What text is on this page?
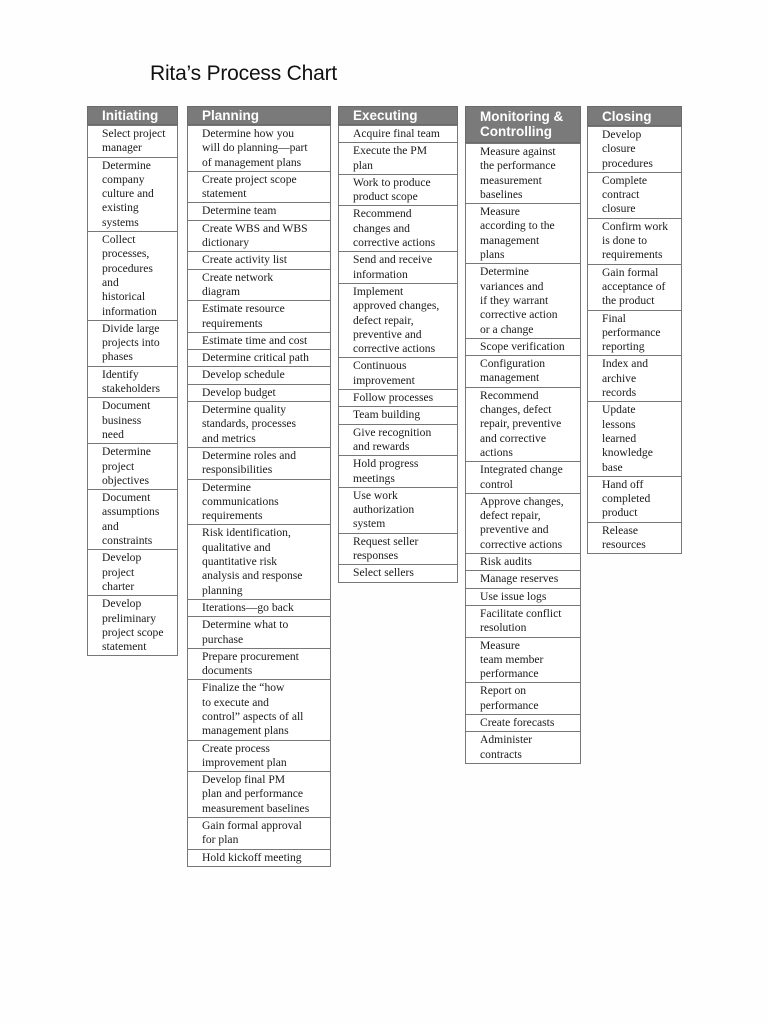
Rita’s Process Chart
Initiating
Select project
manager
Determine
company
culture and
existing
systems
Collect
processes,
procedures
and
historical
information
Divide large
projects into
phases
Identify
stakeholders
Document
business
need
Determine
project
objectives
Document
assumptions
and
constraints
Develop
project
charter
Develop
preliminary
project scope
statement
Planning
Determine how you
will do planning—part
of management plans
Create project scope
statement
Determine team
Create WBS and WBS
dictionary
Create activity list
Create network
diagram
Estimate resource
requirements
Estimate time and cost
Determine critical path
Develop schedule
Develop budget
Determine quality
standards, processes
and metrics
Determine roles and
responsibilities
Determine
communications
requirements
Risk identification,
qualitative and
quantitative risk
analysis and response
planning
Iterations—go back
Determine what to
purchase
Prepare procurement
documents
Finalize the “how
to execute and
control” aspects of all
management plans
Create process
improvement plan
Develop final PM
plan and performance
measurement baselines
Gain formal approval
for plan
Hold kickoff meeting
Executing
Acquire final team
Execute the PM
plan
Work to produce
product scope
Recommend
changes and
corrective actions
Send and receive
information
Implement
approved changes,
defect repair,
preventive and
corrective actions
Continuous
improvement
Follow processes
Team building
Give recognition
and rewards
Hold progress
meetings
Use work
authorization
system
Request seller
responses
Select sellers
Monitoring &
Controlling
Measure against
the performance
measurement
baselines
Measure
according to the
management
plans
Determine
variances and
if they warrant
corrective action
or a change
Scope verification
Configuration
management
Recommend
changes, defect
repair, preventive
and corrective
actions
Integrated change
control
Approve changes,
defect repair,
preventive and
corrective actions
Risk audits
Manage reserves
Use issue logs
Facilitate conflict
resolution
Measure
team member
performance
Report on
performance
Create forecasts
Administer
contracts
Closing
Develop
closure
procedures
Complete
contract
closure
Confirm work
is done to
requirements
Gain formal
acceptance of
the product
Final
performance
reporting
Index and
archive
records
Update
lessons
learned
knowledge
base
Hand off
completed
product
Release
resources
